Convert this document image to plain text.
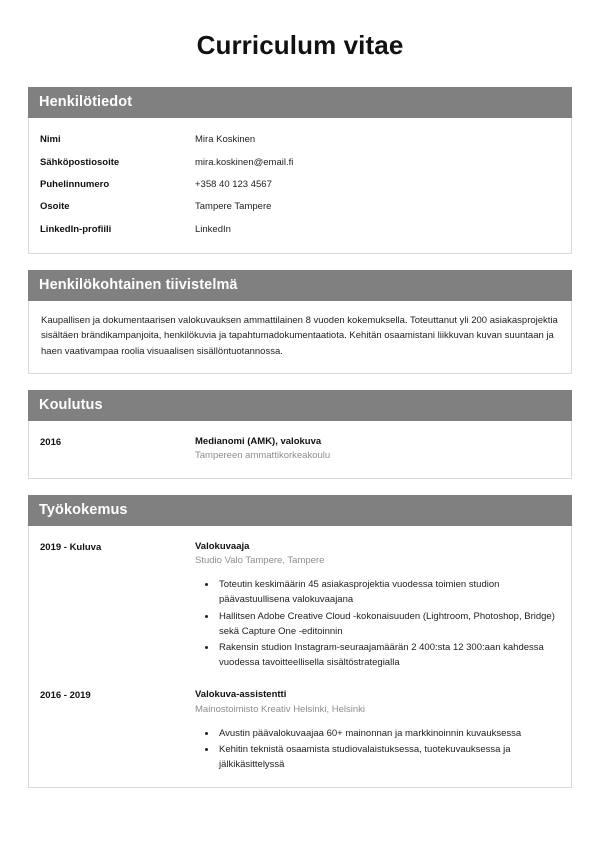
Curriculum vitae
Henkilötiedot
Nimi	Mira Koskinen
Sähköpostiosoite	mira.koskinen@email.fi
Puhelinnumero	+358 40 123 4567
Osoite	Tampere Tampere
LinkedIn-profiili	LinkedIn
Henkilökohtainen tiivistelmä

Kaupallisen ja dokumentaarisen valokuvauksen ammattilainen 8 vuoden kokemuksella. Toteuttanut yli 200 asiakasprojektia sisältäen brändikampanjoita, henkilökuvia ja tapahtumadokumentaatiota. Kehitän osaamistani liikkuvan kuvan suuntaan ja haen vaativampaa roolia visuaalisen sisällöntuotannossa.

Koulutus
2016	Medianomi (AMK), valokuva
Tampereen ammattikorkeakoulu
Työkokemus
2019 - Kuluva	Valokuvaaja
Studio Valo Tampere, Tampere
• Toteutin keskimäärin 45 asiakasprojektia vuodessa toimien studion päävastuullisena valokuvaajana
• Hallitsen Adobe Creative Cloud -kokonaisuuden (Lightroom, Photoshop, Bridge) sekä Capture One -editoinnin
• Rakensin studion Instagram-seuraajamäärän 2 400:sta 12 300:aan kahdessa vuodessa tavoitteellisella sisältöstrategialla
2016 - 2019	Valokuva-assistentti
Mainostoimisto Kreativ Helsinki, Helsinki
• Avustin päävalokuvaajaa 60+ mainonnan ja markkinoinnin kuvauksessa
• Kehitin teknistä osaamista studiovalaistuksessa, tuotekuvauksessa ja jälkikäsittelyssä
